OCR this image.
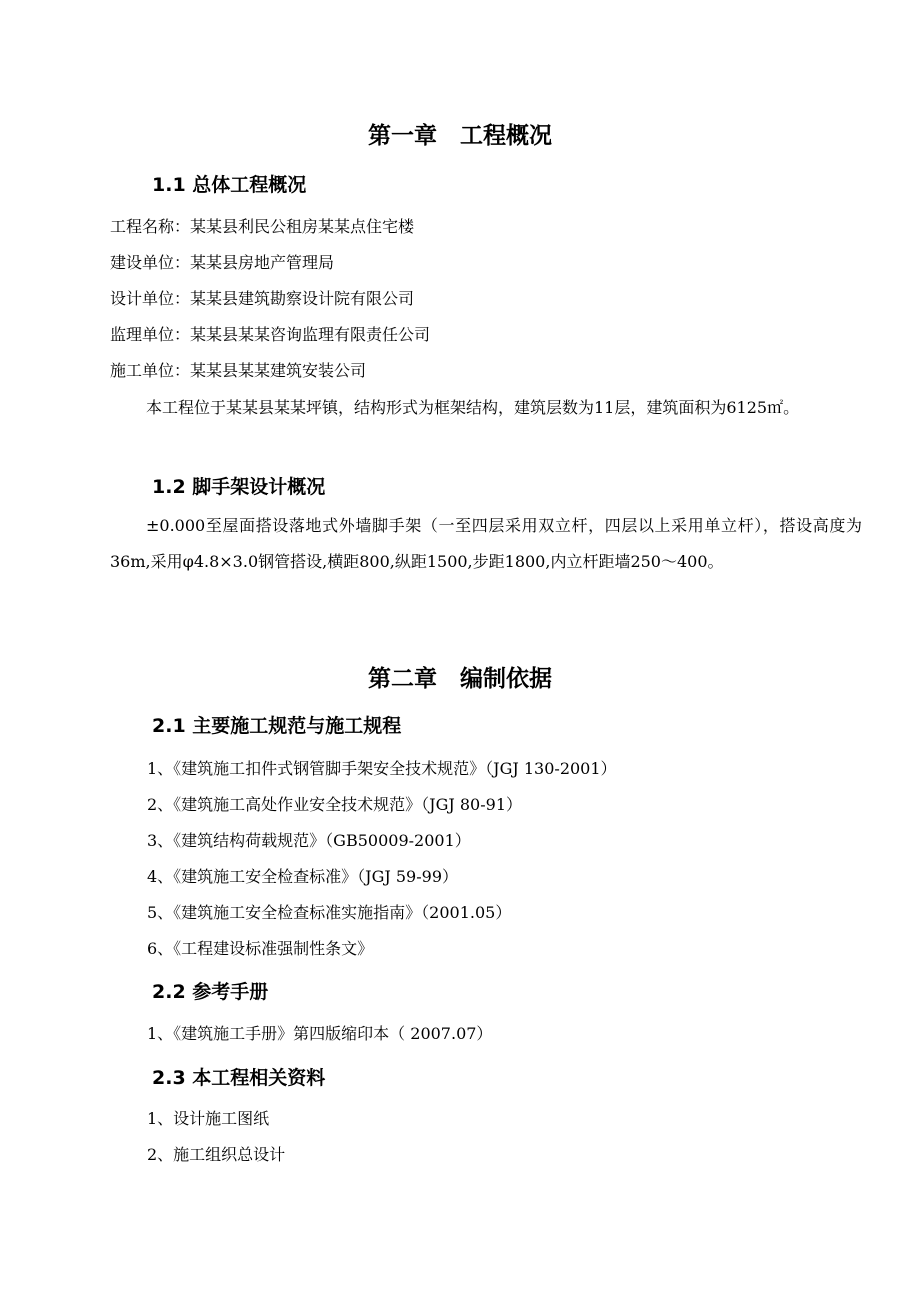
第一章　工程概况
1.1 总体工程概况
工程名称：某某县利民公租房某某点住宅楼
建设单位：某某县房地产管理局
设计单位：某某县建筑勘察设计院有限公司
监理单位：某某县某某咨询监理有限责任公司
施工单位：某某县某某建筑安装公司
本工程位于某某县某某坪镇，结构形式为框架结构，建筑层数为11层，建筑面积为6125㎡。
1.2 脚手架设计概况
±0.000至屋面搭设落地式外墙脚手架（一至四层采用双立杆，四层以上采用单立杆），搭设高度为36m,采用φ4.8×3.0钢管搭设,横距800,纵距1500,步距1800,内立杆距墙250～400。
第二章　编制依据
2.1 主要施工规范与施工规程
1、《建筑施工扣件式钢管脚手架安全技术规范》（JGJ 130-2001）
2、《建筑施工高处作业安全技术规范》（JGJ 80-91）
3、《建筑结构荷载规范》（GB50009-2001）
4、《建筑施工安全检查标准》（JGJ 59-99）
5、《建筑施工安全检查标准实施指南》（2001.05）
6、《工程建设标准强制性条文》
2.2 参考手册
1、《建筑施工手册》第四版缩印本（ 2007.07）
2.3 本工程相关资料
1、设计施工图纸
2、施工组织总设计
